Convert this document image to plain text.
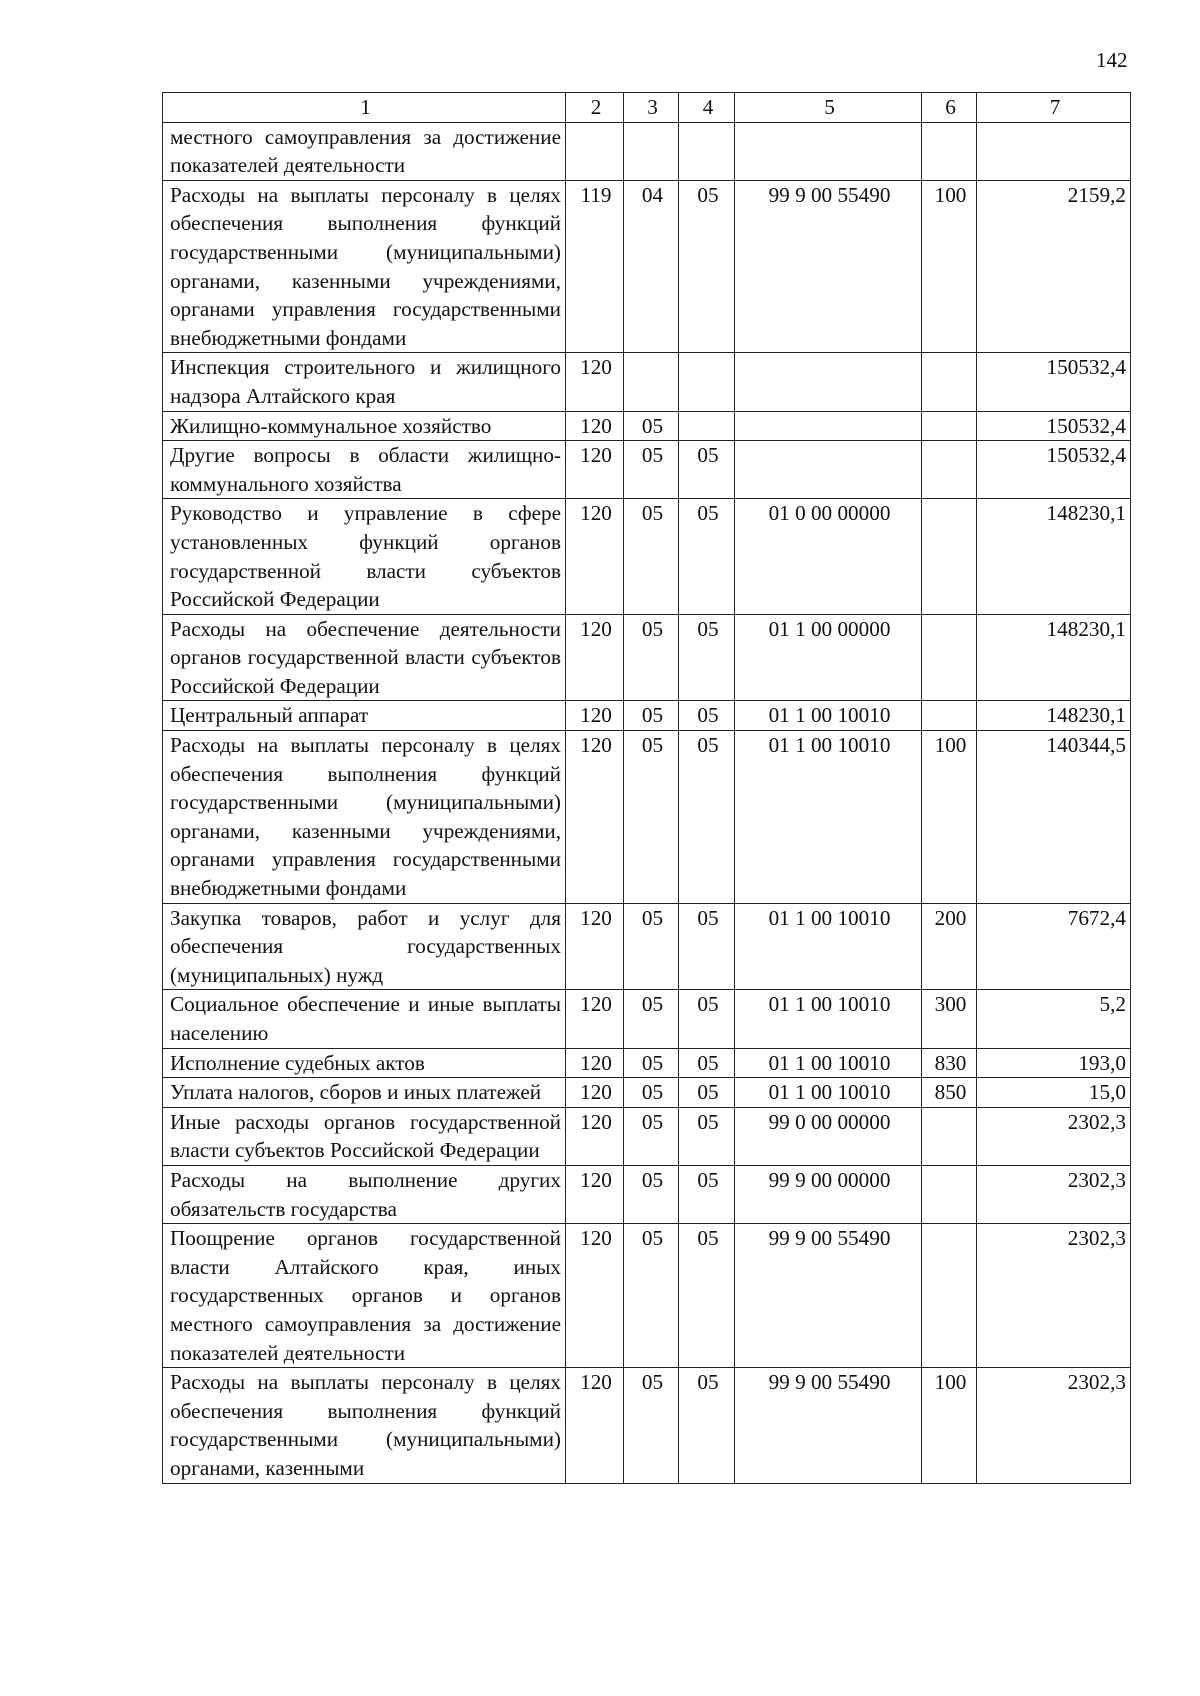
142
1	2	3	4	5	6	7
местного самоуправления за достижение показателей деятельности						
Расходы на выплаты персоналу в целях обеспечения выполнения функций государственными (муниципальными) органами, казенными учреждениями, органами управления государственными внебюджетными фондами	119	04	05	99 9 00 55490	100	2159,2
Инспекция строительного и жилищного надзора Алтайского края	120					150532,4
Жилищно-коммунальное хозяйство	120	05				150532,4
Другие вопросы в области жилищно-коммунального хозяйства	120	05	05			150532,4
Руководство и управление в сфере установленных функций органов государственной власти субъектов Российской Федерации	120	05	05	01 0 00 00000		148230,1
Расходы на обеспечение деятельности органов государственной власти субъектов Российской Федерации	120	05	05	01 1 00 00000		148230,1
Центральный аппарат	120	05	05	01 1 00 10010		148230,1
Расходы на выплаты персоналу в целях обеспечения выполнения функций государственными (муниципальными) органами, казенными учреждениями, органами управления государственными внебюджетными фондами	120	05	05	01 1 00 10010	100	140344,5
Закупка товаров, работ и услуг для обеспечения государственных (муниципальных) нужд	120	05	05	01 1 00 10010	200	7672,4
Социальное обеспечение и иные выплаты населению	120	05	05	01 1 00 10010	300	5,2
Исполнение судебных актов	120	05	05	01 1 00 10010	830	193,0
Уплата налогов, сборов и иных платежей	120	05	05	01 1 00 10010	850	15,0
Иные расходы органов государственной власти субъектов Российской Федерации	120	05	05	99 0 00 00000		2302,3
Расходы на выполнение других обязательств государства	120	05	05	99 9 00 00000		2302,3
Поощрение органов государственной власти Алтайского края, иных государственных органов и органов местного самоуправления за достижение показателей деятельности	120	05	05	99 9 00 55490		2302,3
Расходы на выплаты персоналу в целях обеспечения выполнения функций государственными (муниципальными) органами, казенными	120	05	05	99 9 00 55490	100	2302,3
